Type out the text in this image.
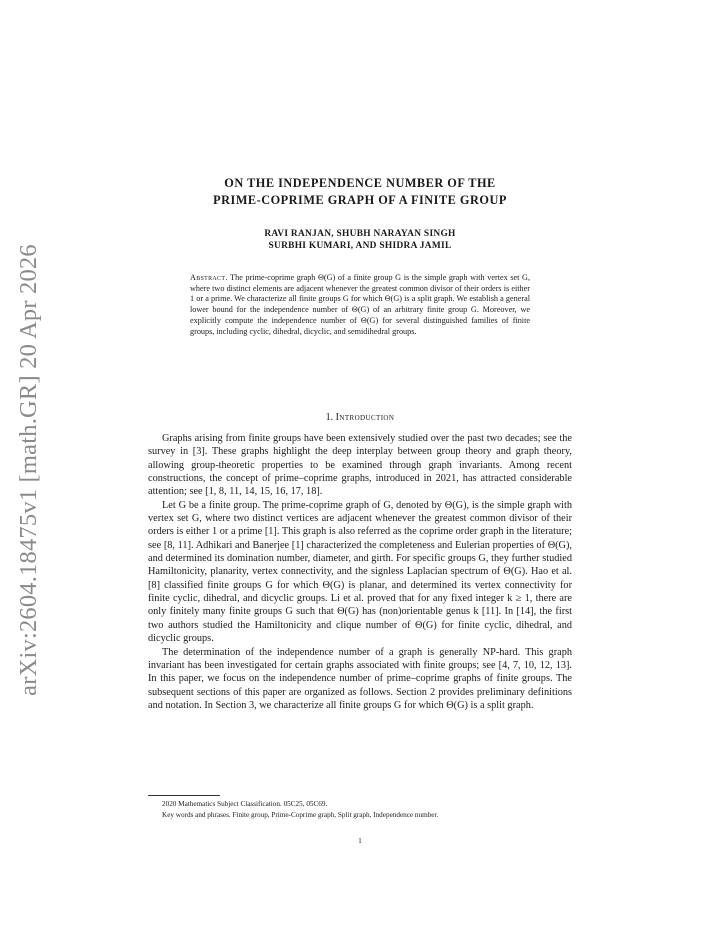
arXiv:2604.18475v1 [math.GR] 20 Apr 2026
ON THE INDEPENDENCE NUMBER OF THE
PRIME-COPRIME GRAPH OF A FINITE GROUP
RAVI RANJAN, SHUBH NARAYAN SINGH
SURBHI KUMARI, AND SHIDRA JAMIL
Abstract. The prime-coprime graph Θ(G) of a finite group G is the simple graph with vertex set G, where two distinct elements are adjacent whenever the greatest common divisor of their orders is either 1 or a prime. We characterize all finite groups G for which Θ(G) is a split graph. We establish a general lower bound for the independence number of Θ(G) of an arbitrary finite group G. Moreover, we explicitly compute the independence number of Θ(G) for several distinguished families of finite groups, including cyclic, dihedral, dicyclic, and semidihedral groups.
1. Introduction

Graphs arising from finite groups have been extensively studied over the past two decades; see the survey in [3]. These graphs highlight the deep interplay between group theory and graph theory, allowing group-theoretic properties to be examined through graph invariants. Among recent constructions, the concept of prime–coprime graphs, introduced in 2021, has attracted considerable attention; see [1, 8, 11, 14, 15, 16, 17, 18].

Let G be a finite group. The prime-coprime graph of G, denoted by Θ(G), is the simple graph with vertex set G, where two distinct vertices are adjacent whenever the greatest common divisor of their orders is either 1 or a prime [1]. This graph is also referred as the coprime order graph in the literature; see [8, 11]. Adhikari and Banerjee [1] characterized the completeness and Eulerian properties of Θ(G), and determined its domination number, diameter, and girth. For specific groups G, they further studied Hamiltonicity, planarity, vertex connectivity, and the signless Laplacian spectrum of Θ(G). Hao et al. [8] classified finite groups G for which Θ(G) is planar, and determined its vertex connectivity for finite cyclic, dihedral, and dicyclic groups. Li et al. proved that for any fixed integer k ≥ 1, there are only finitely many finite groups G such that Θ(G) has (non)orientable genus k [11]. In [14], the first two authors studied the Hamiltonicity and clique number of Θ(G) for finite cyclic, dihedral, and dicyclic groups.

The determination of the independence number of a graph is generally NP-hard. This graph invariant has been investigated for certain graphs associated with finite groups; see [4, 7, 10, 12, 13]. In this paper, we focus on the independence number of prime–coprime graphs of finite groups. The subsequent sections of this paper are organized as follows. Section 2 provides preliminary definitions and notation. In Section 3, we characterize all finite groups G for which Θ(G) is a split graph.

2020 Mathematics Subject Classification. 05C25, 05C69.
Key words and phrases. Finite group, Prime-Coprime graph, Split graph, Independence number.
1
